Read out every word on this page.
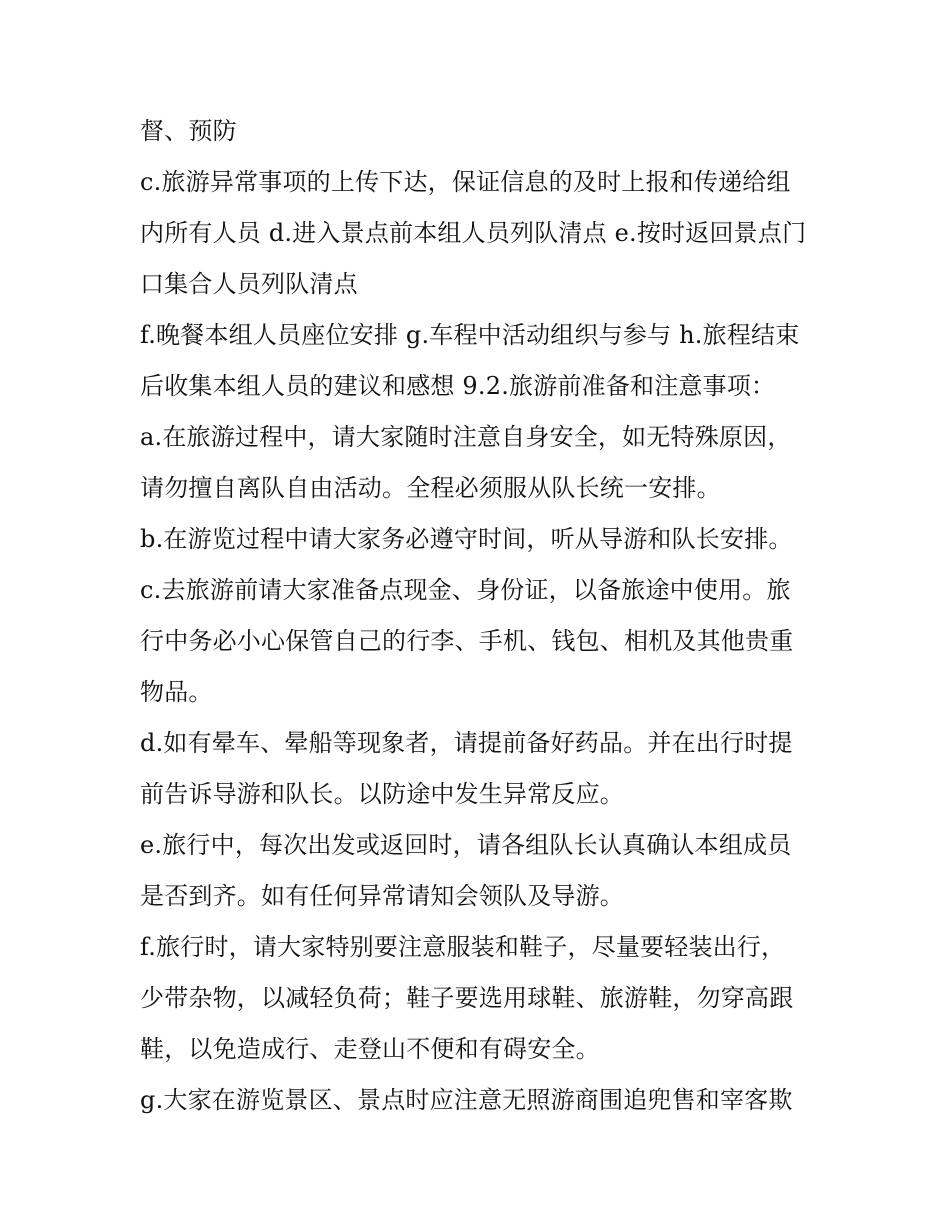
督、预防
c.旅游异常事项的上传下达，保证信息的及时上报和传递给组
内所有人员 d.进入景点前本组人员列队清点 e.按时返回景点门
口集合人员列队清点
f.晚餐本组人员座位安排 g.车程中活动组织与参与 h.旅程结束
后收集本组人员的建议和感想 9.2.旅游前准备和注意事项：
a.在旅游过程中，请大家随时注意自身安全，如无特殊原因，
请勿擅自离队自由活动。全程必须服从队长统一安排。
b.在游览过程中请大家务必遵守时间，听从导游和队长安排。
c.去旅游前请大家准备点现金、身份证，以备旅途中使用。旅
行中务必小心保管自己的行李、手机、钱包、相机及其他贵重
物品。
d.如有晕车、晕船等现象者，请提前备好药品。并在出行时提
前告诉导游和队长。以防途中发生异常反应。
e.旅行中，每次出发或返回时，请各组队长认真确认本组成员
是否到齐。如有任何异常请知会领队及导游。
f.旅行时，请大家特别要注意服装和鞋子，尽量要轻装出行，
少带杂物，以减轻负荷；鞋子要选用球鞋、旅游鞋，勿穿高跟
鞋，以免造成行、走登山不便和有碍安全。
g.大家在游览景区、景点时应注意无照游商围追兜售和宰客欺
